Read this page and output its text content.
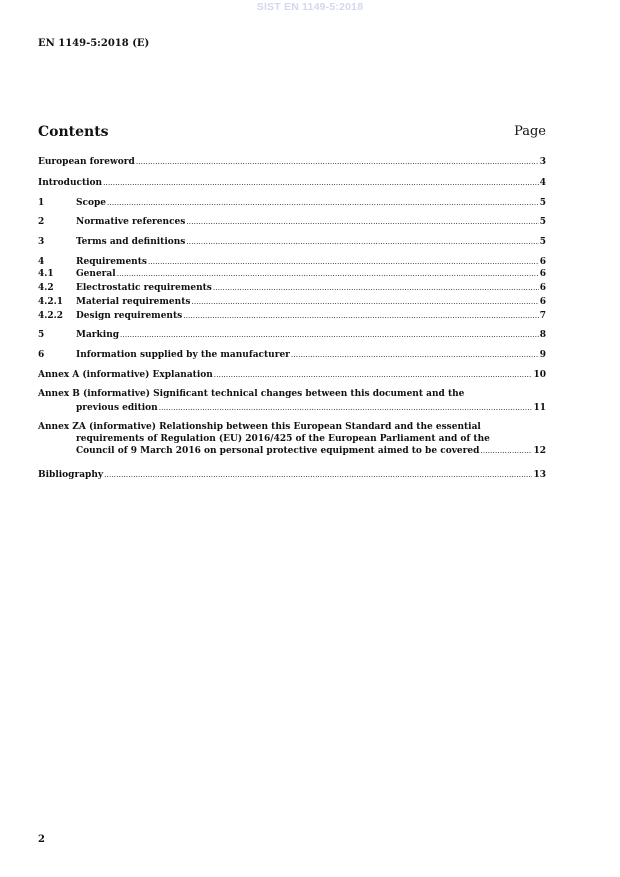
SIST EN 1149-5:2018
EN 1149-5:2018 (E)
Contents	Page
European foreword .....	3
Introduction .....	4
1	Scope .....	5
2	Normative references .....	5
3	Terms and definitions .....	5
4	Requirements .....	6
4.1	General .....	6
4.2	Electrostatic requirements .....	6
4.2.1	Material requirements .....	6
4.2.2	Design requirements .....	7
5	Marking .....	8
6	Information supplied by the manufacturer .....	9
Annex A (informative) Explanation .....	10
Annex B (informative) Significant technical changes between this document and the
previous edition .....	11
Annex ZA (informative) Relationship between this European Standard and the essential
requirements of Regulation (EU) 2016/425 of the European Parliament and of the
Council of 9 March 2016 on personal protective equipment aimed to be covered .....	12
Bibliography .....	13
2
